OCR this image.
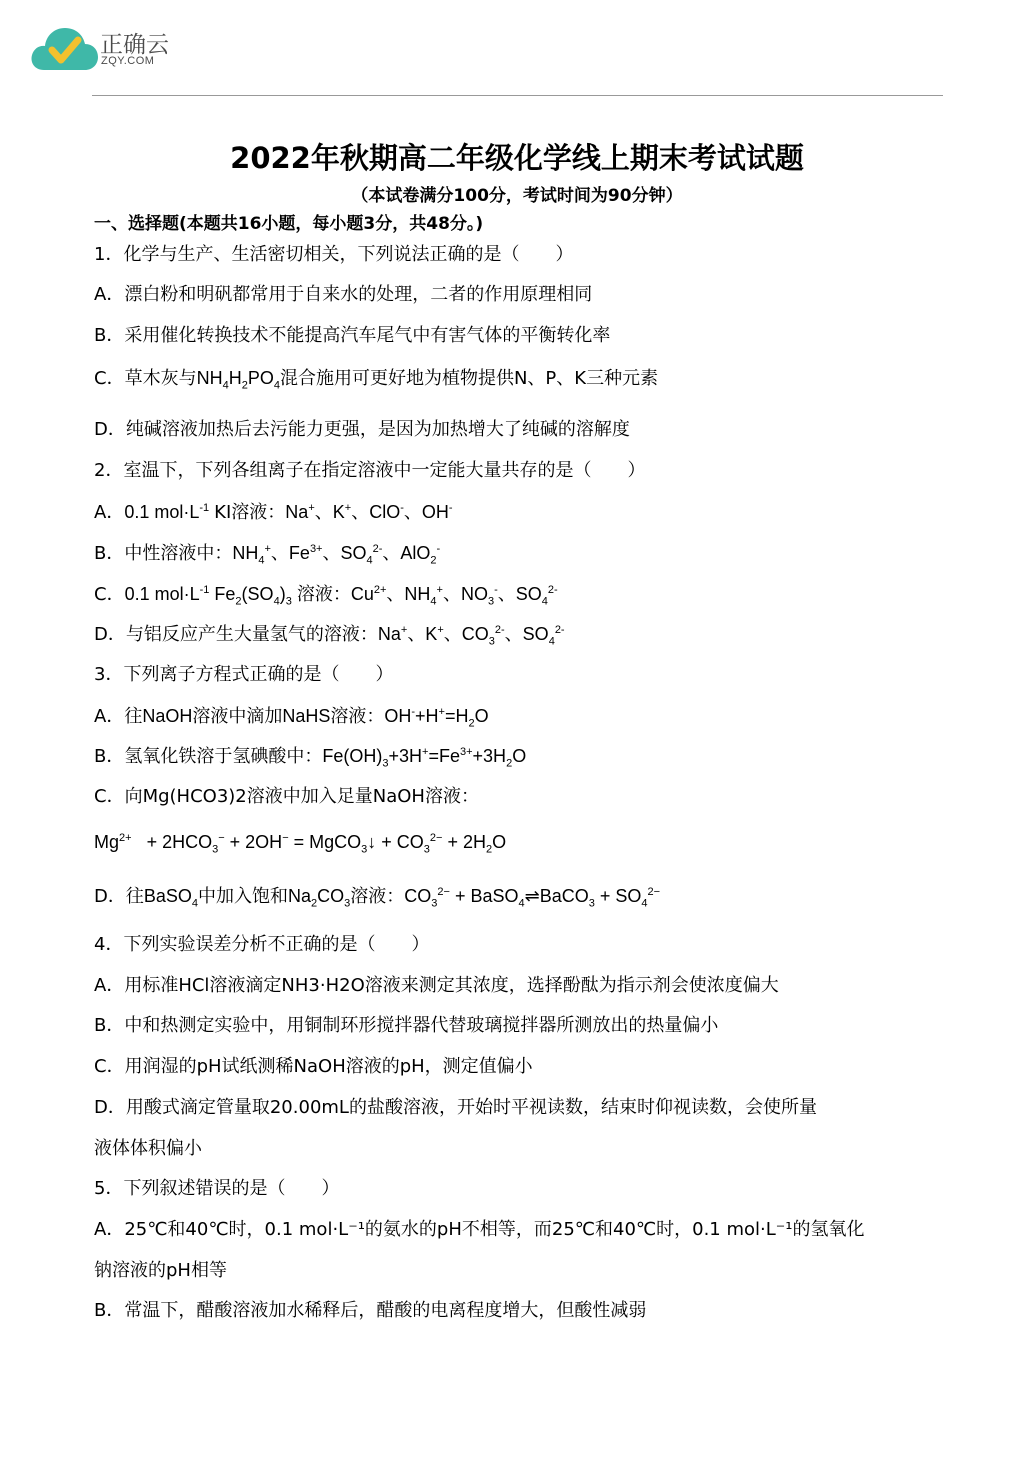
正确云
ZQY.COM
2022年秋期高二年级化学线上期末考试试题
（本试卷满分100分，考试时间为90分钟）
一、选择题(本题共16小题，每小题3分，共48分。)
1．化学与生产、生活密切相关，下列说法正确的是（　　）
A．漂白粉和明矾都常用于自来水的处理，二者的作用原理相同
B．采用催化转换技术不能提高汽车尾气中有害气体的平衡转化率
C．草木灰与$NH_4H_2PO_4$混合施用可更好地为植物提供N、P、K三种元素
D．纯碱溶液加热后去污能力更强，是因为加热增大了纯碱的溶解度
2．室温下，下列各组离子在指定溶液中一定能大量共存的是（　　）
A．0.1 $mol\cdot L^{-1}$ KI溶液：Na+、K+、ClO-、OH-
B．中性溶液中：$NH_4^+$、$Fe^{3+}$、$SO_4^{2-}$、AlO$_2$-
C．0.1 $mol\cdot L^{-1}$ $Fe_2(SO_4)_3$ 溶液：$Cu^{2+}$、$NH_4^+$、$NO_3^-$、$SO_4^{2-}$
D．与铝反应产生大量氢气的溶液：Na+、K+、$CO_3^{2-}$、$SO_4^{2-}$
3．下列离子方程式正确的是（　　）
A．往NaOH溶液中滴加NaHS溶液：$OH^-+H^+=H_2O$
B．氢氧化铁溶于氢碘酸中：$Fe(OH)_3+3H^+=Fe^{3+}+3H_2O$
C．向Mg(HCO3)2溶液中加入足量NaOH溶液：
$Mg^{2+} + 2HCO_3^- + 2OH^-$ = MgCO$_3$↓ + $CO_3^{2-} + 2H_2O$
D．往BaSO$_4$中加入饱和$Na_2CO_3$溶液：$CO_3^{2-}$ + BaSO$_4$⇌BaCO$_3$ + $SO_4^{2-}$
4．下列实验误差分析不正确的是（　　）
A．用标准HCl溶液滴定NH3·H2O溶液来测定其浓度，选择酚酞为指示剂会使浓度偏大
B．中和热测定实验中，用铜制环形搅拌器代替玻璃搅拌器所测放出的热量偏小
C．用润湿的pH试纸测稀NaOH溶液的pH，测定值偏小
D．用酸式滴定管量取20.00mL的盐酸溶液，开始时平视读数，结束时仰视读数，会使所量
液体体积偏小
5．下列叙述错误的是（　　）
A．25℃和40℃时，0.1 mol·L⁻¹的氨水的pH不相等，而25℃和40℃时，0.1 mol·L⁻¹的氢氧化
钠溶液的pH相等
B．常温下，醋酸溶液加水稀释后，醋酸的电离程度增大，但酸性减弱
